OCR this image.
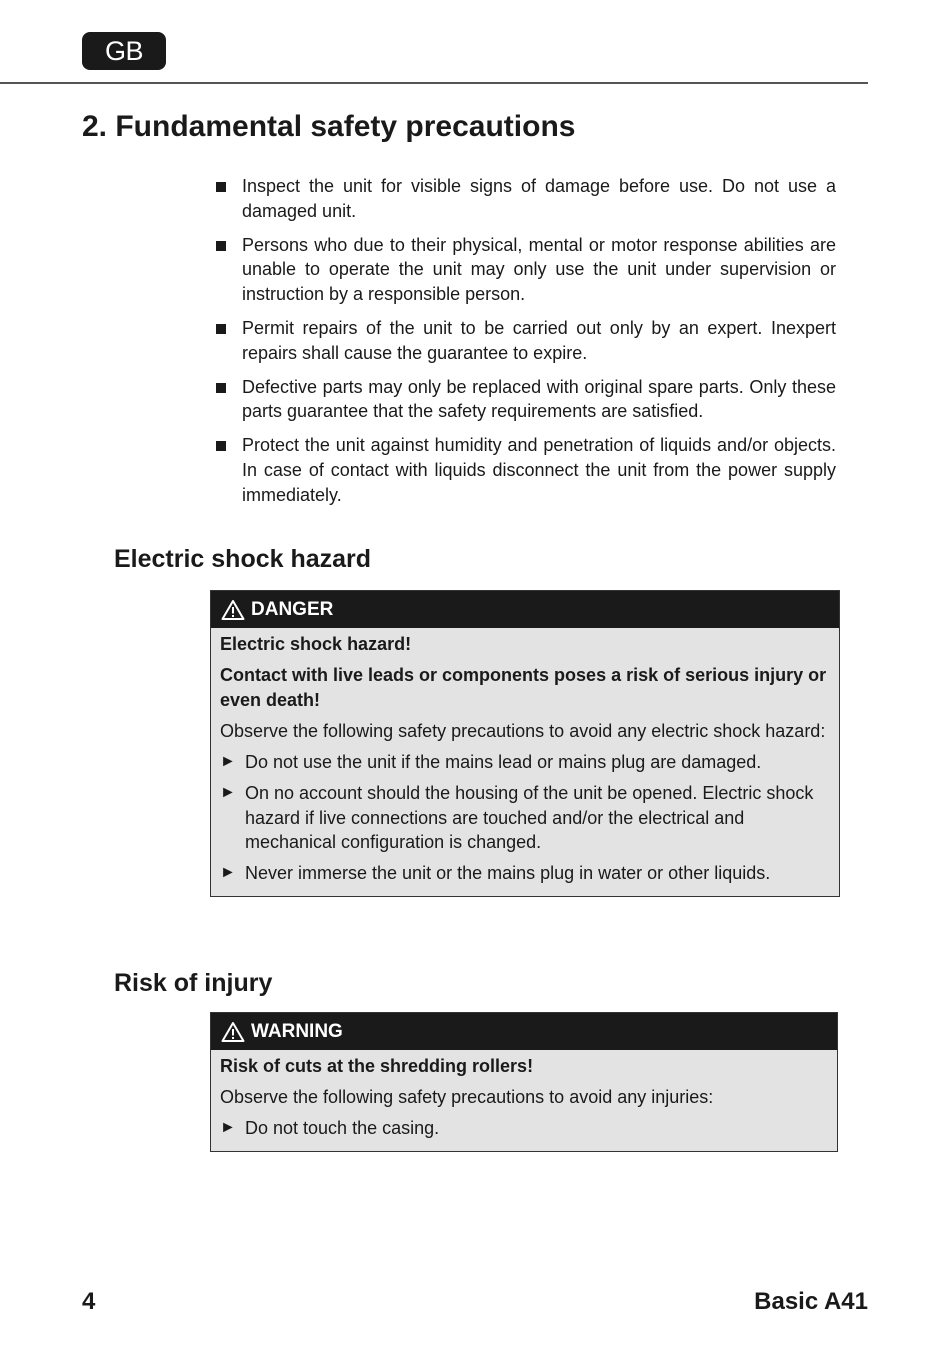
GB
2. Fundamental safety precautions
Inspect the unit for visible signs of damage before use. Do not use a damaged unit.
Persons who due to their physical, mental or motor response abilities are unable to operate the unit may only use the unit under supervision or instruction by a responsible person.
Permit repairs of the unit to be carried out only by an expert. Inexpert repairs shall cause the guarantee to expire.
Defective parts may only be replaced with original spare parts. Only these parts guarantee that the safety requirements are satisfied.
Protect the unit against humidity and penetration of liquids and/or objects. In case of contact with liquids disconnect the unit from the power supply immediately.
Electric shock hazard
DANGER

Electric shock hazard!

Contact with live leads or components poses a risk of serious injury or even death!

Observe the following safety precautions to avoid any electric shock hazard:

► Do not use the unit if the mains lead or mains plug are damaged.
► On no account should the housing of the unit be opened. Electric shock hazard if live connections are touched and/or the electrical and mechanical configuration is changed.
► Never immerse the unit or the mains plug in water or other liquids.
Risk of injury
WARNING

Risk of cuts at the shredding rollers!

Observe the following safety precautions to avoid any injuries:

► Do not touch the casing.
4	Basic A41
